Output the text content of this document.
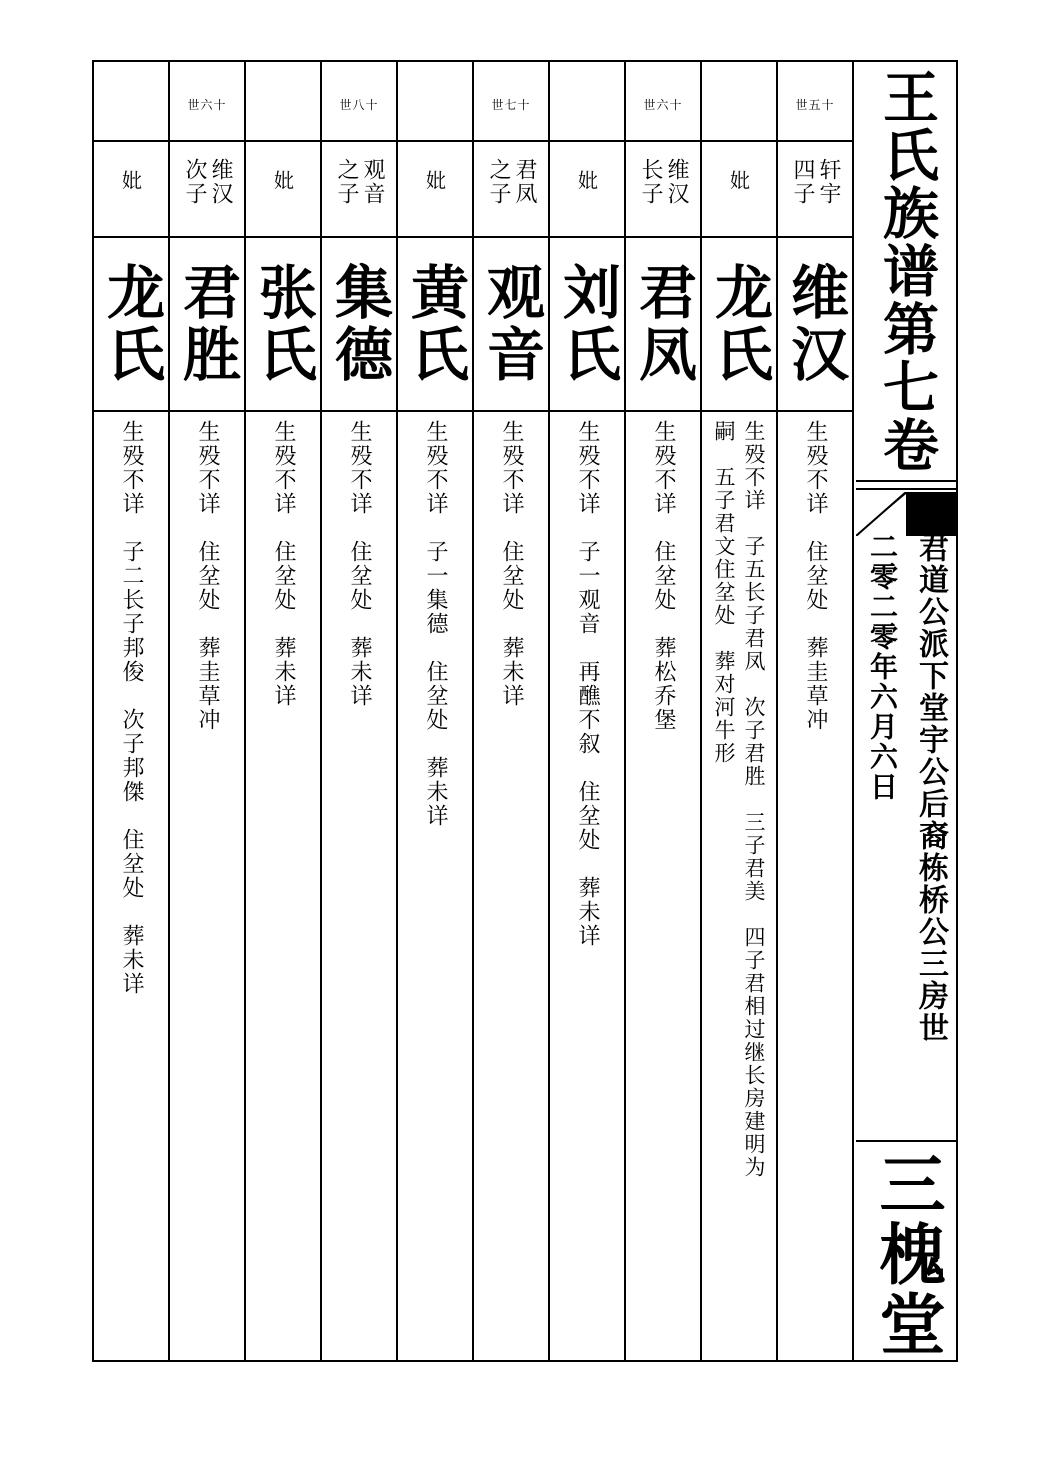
世五十

轩宇
四子

维汉

生殁不详　住坌处　葬圭草冲

妣

龙氏

生殁不详　子五长子君凤　次子君胜　三子君美　四子君相过继长房建明为
嗣　五子君文住坌处　葬对河牛形

世六十

维汉
长子

君凤

生殁不详　住坌处　葬松乔堡

妣

刘氏

生殁不详　子一观音　再醮不叙　住坌处　葬未详

世七十

君凤
之子

观音

生殁不详　住坌处　葬未详

妣

黄氏

生殁不详　子一集德　住坌处　葬未详

世八十

观音
之子

集德

生殁不详　住坌处　葬未详

妣

张氏

生殁不详　住坌处　葬未详

世六十

维汉
次子

君胜

生殁不详　住坌处　葬圭草冲

妣

龙氏

生殁不详　子二长子邦俊　次子邦傑　住坌处　葬未详

王氏族谱第七卷
二零二零年六月六日 君道公派下堂宇公后裔栋桥公三房世
三槐堂
